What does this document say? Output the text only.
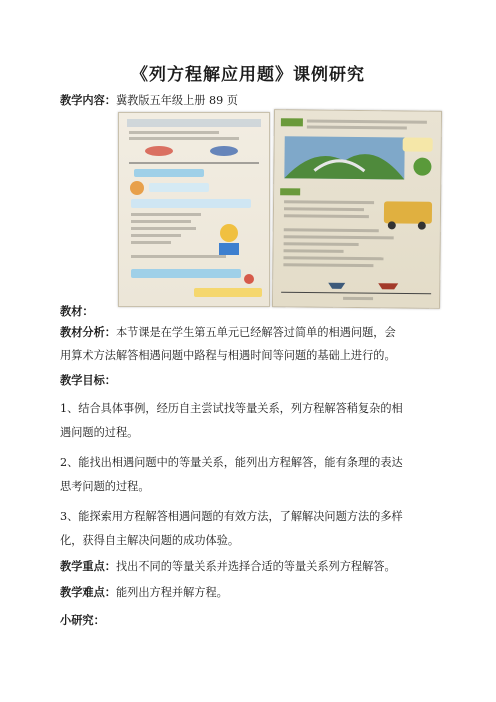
《列方程解应用题》课例研究
教学内容：冀教版五年级上册 89 页
教材：
教材分析：本节课是在学生第五单元已经解答过简单的相遇问题，会
用算术方法解答相遇问题中路程与相遇时间等问题的基础上进行的。
教学目标：
1、结合具体事例，经历自主尝试找等量关系，列方程解答稍复杂的相
遇问题的过程。
2、能找出相遇问题中的等量关系，能列出方程解答，能有条理的表达
思考问题的过程。
3、能探索用方程解答相遇问题的有效方法，了解解决问题方法的多样
化，获得自主解决问题的成功体验。
教学重点：找出不同的等量关系并选择合适的等量关系列方程解答。
教学难点：能列出方程并解方程。
小研究：
